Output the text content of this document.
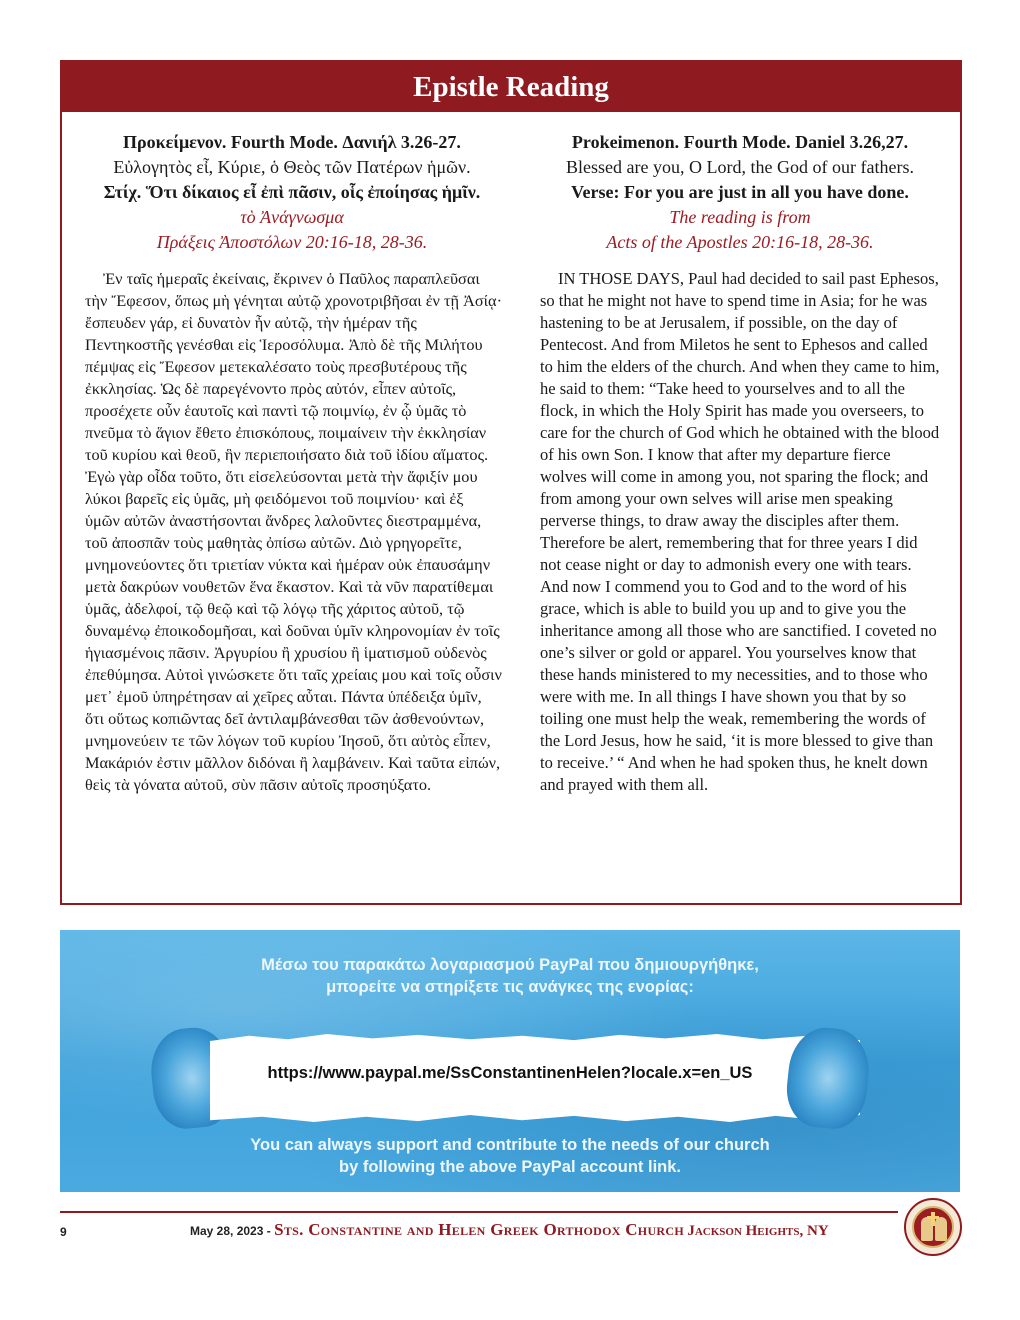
Epistle Reading
Προκείμενον. Fourth Mode. Δανιήλ 3.26-27.
Εὐλογητὸς εἶ, Κύριε, ὁ Θεὸς τῶν Πατέρων ἡμῶν.
Στίχ. Ὅτι δίκαιος εἶ ἐπὶ πᾶσιν, οἷς ἐποίησας ἡμῖν.
τὸ Ἀνάγνωσμα
Πράξεις Ἀποστόλων 20:16-18, 28-36.

Ἐν ταῖς ἡμεραῖς ἐκείναις, ἔκρινεν ὁ Παῦλος παραπλεῦσαι τὴν Ἔφεσον, ὅπως μὴ γένηται αὐτῷ χρονοτριβῆσαι ἐν τῇ Ἀσίᾳ· ἔσπευδεν γάρ, εἰ δυνατὸν ἦν αὐτῷ, τὴν ἡμέραν τῆς Πεντηκοστῆς γενέσθαι εἰς Ἱεροσόλυμα. Ἀπὸ δὲ τῆς Μιλήτου πέμψας εἰς Ἔφεσον μετεκαλέσατο τοὺς πρεσβυτέρους τῆς ἐκκλησίας. Ὡς δὲ παρεγένοντο πρὸς αὐτόν, εἶπεν αὐτοῖς, προσέχετε οὖν ἑαυτοῖς καὶ παντὶ τῷ ποιμνίῳ, ἐν ᾧ ὑμᾶς τὸ πνεῦμα τὸ ἅγιον ἔθετο ἐπισκόπους, ποιμαίνειν τὴν ἐκκλησίαν τοῦ κυρίου καὶ θεοῦ, ἣν περιεποιήσατο διὰ τοῦ ἰδίου αἵματος. Ἐγὼ γὰρ οἶδα τοῦτο, ὅτι εἰσελεύσονται μετὰ τὴν ἄφιξίν μου λύκοι βαρεῖς εἰς ὑμᾶς, μὴ φειδόμενοι τοῦ ποιμνίου· καὶ ἐξ ὑμῶν αὐτῶν ἀναστήσονται ἄνδρες λαλοῦντες διεστραμμένα, τοῦ ἀποσπᾶν τοὺς μαθητὰς ὀπίσω αὐτῶν. Διὸ γρηγορεῖτε, μνημονεύοντες ὅτι τριετίαν νύκτα καὶ ἡμέραν οὐκ ἐπαυσάμην μετὰ δακρύων νουθετῶν ἕνα ἕκαστον. Καὶ τὰ νῦν παρατίθεμαι ὑμᾶς, ἀδελφοί, τῷ θεῷ καὶ τῷ λόγῳ τῆς χάριτος αὐτοῦ, τῷ δυναμένῳ ἐποικοδομῆσαι, καὶ δοῦναι ὑμῖν κληρονομίαν ἐν τοῖς ἡγιασμένοις πᾶσιν. Ἀργυρίου ἢ χρυσίου ἢ ἱματισμοῦ οὐδενὸς ἐπεθύμησα. Αὐτοὶ γινώσκετε ὅτι ταῖς χρείαις μου καὶ τοῖς οὖσιν μετ᾽ ἐμοῦ ὑπηρέτησαν αἱ χεῖρες αὗται. Πάντα ὑπέδειξα ὑμῖν, ὅτι οὕτως κοπιῶντας δεῖ ἀντιλαμβάνεσθαι τῶν ἀσθενούντων, μνημονεύειν τε τῶν λόγων τοῦ κυρίου Ἰησοῦ, ὅτι αὐτὸς εἶπεν, Μακάριόν ἐστιν μᾶλλον διδόναι ἢ λαμβάνειν. Καὶ ταῦτα εἰπών, θεὶς τὰ γόνατα αὐτοῦ, σὺν πᾶσιν αὐτοῖς προσηύξατο.

Prokeimenon. Fourth Mode. Daniel 3.26,27.
Blessed are you, O Lord, the God of our fathers.
Verse: For you are just in all you have done.
The reading is from
Acts of the Apostles 20:16-18, 28-36.

IN THOSE DAYS, Paul had decided to sail past Ephesos, so that he might not have to spend time in Asia; for he was hastening to be at Jerusalem, if possible, on the day of Pentecost. And from Miletos he sent to Ephesos and called to him the elders of the church. And when they came to him, he said to them: “Take heed to yourselves and to all the flock, in which the Holy Spirit has made you overseers, to care for the church of God which he obtained with the blood of his own Son. I know that after my departure fierce wolves will come in among you, not sparing the flock; and from among your own selves will arise men speaking perverse things, to draw away the disciples after them. Therefore be alert, remembering that for three years I did not cease night or day to admonish every one with tears. And now I commend you to God and to the word of his grace, which is able to build you up and to give you the inheritance among all those who are sanctified. I coveted no one’s silver or gold or apparel. You yourselves know that these hands ministered to my necessities, and to those who were with me. In all things I have shown you that by so toiling one must help the weak, remembering the words of the Lord Jesus, how he said, ‘it is more blessed to give than to receive.’ “ And when he had spoken thus, he knelt down and prayed with them all.

Μέσω του παρακάτω λογαριασμού PayPal που δημιουργήθηκε,
μπορείτε να στηρίξετε τις ανάγκες της ενορίας:
https://www.paypal.me/SsConstantinenHelen?locale.x=en_US
You can always support and contribute to the needs of our church
by following the above PayPal account link.
9	May 28, 2023 - Sts. Constantine and Helen Greek Orthodox Church Jackson Heights, NY
